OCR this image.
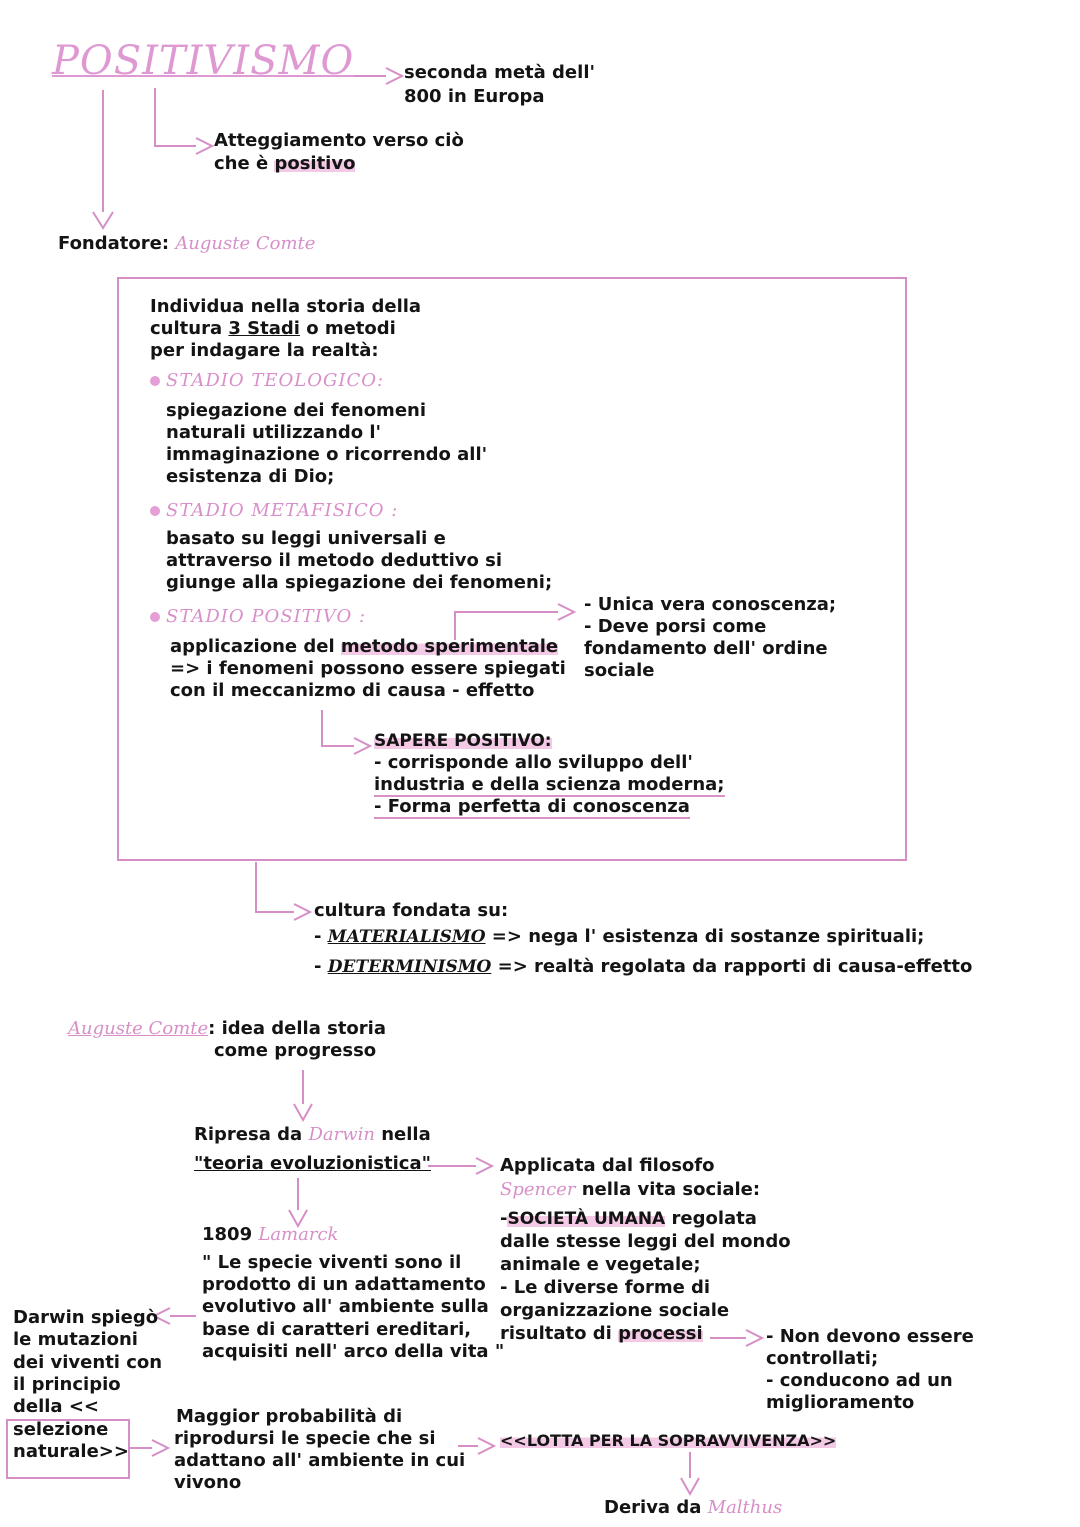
POSITIVISMO	seconda metà dell'
800 in Europa
Atteggiamento verso ciò
che è positivo
Fondatore: Auguste Comte
Individua nella storia della
cultura 3 Stadi o metodi
per indagare la realtà:
STADIO TEOLOGICO:
spiegazione dei fenomeni
naturali utilizzando l'
immaginazione o ricorrendo all'
esistenza di Dio;
STADIO METAFISICO :
basato su leggi universali e
attraverso il metodo deduttivo si
giunge alla spiegazione dei fenomeni;
STADIO POSITIVO :
applicazione del metodo sperimentale
=> i fenomeni possono essere spiegati
con il meccanizmo di causa - effetto
- Unica vera conoscenza;
- Deve porsi come
fondamento dell' ordine
sociale
SAPERE POSITIVO:
- corrisponde allo sviluppo dell'
industria e della scienza moderna;
- Forma perfetta di conoscenza
cultura fondata su:
- MATERIALISMO => nega l' esistenza di sostanze spirituali;
- DETERMINISMO => realtà regolata da rapporti di causa-effetto
Auguste Comte: idea della storia
come progresso
Ripresa da Darwin nella
"teoria evoluzionistica"	Applicata dal filosofo
Spencer nella vita sociale:
-SOCIETÀ UMANA regolata
dalle stesse leggi del mondo
animale e vegetale;
- Le diverse forme di
organizzazione sociale
risultato di processi
1809 Lamarck
" Le specie viventi sono il
prodotto di un adattamento
evolutivo all' ambiente sulla
base di caratteri ereditari,
acquisiti nell' arco della vita "
- Non devono essere
controllati;
- conducono ad un
miglioramento
Darwin spiegò
le mutazioni
dei viventi con
il principio
della <<
selezione
naturale>>
Maggior probabilità di
riprodursi le specie che si
adattano all' ambiente in cui
vivono
<<LOTTA PER LA SOPRAVVIVENZA>>
Deriva da Malthus
